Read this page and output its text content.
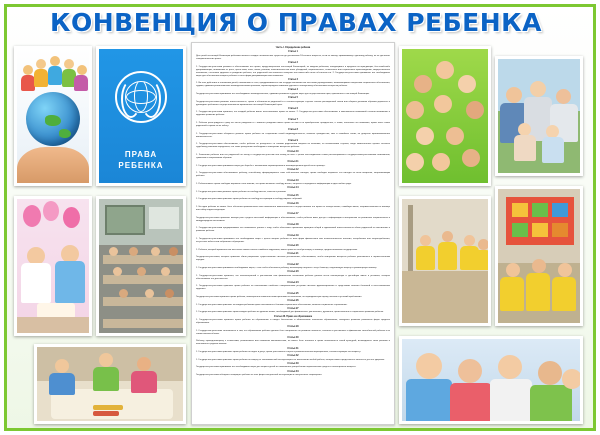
КОНВЕНЦИЯ О ПРАВАХ РЕБЕНКА
ПРАВА
РЕБЕНКА
Часть I. Определение ребенка
Статья 1
Для целей настоящей Конвенции ребенком является каждое человеческое существо до достижения 18-летнего возраста, если по закону, применимому к данному ребенку, он не достигает совершеннолетия ранее.
Статья 2
1. Государства-участники уважают и обеспечивают все права, предусмотренные настоящей Конвенцией, за каждым ребенком, находящимся в пределах их юрисдикции, без какой-либо дискриминации, независимо от расы, цвета кожи, пола, языка, религии, политических или иных убеждений, национального, этнического или социального происхождения, имущественного положения, состояния здоровья и рождения ребенка, его родителей или законных опекунов или каких-либо иных обстоятельств. 2. Государства-участники принимают все необходимые меры для обеспечения защиты ребенка от всех форм дискриминации или наказания.
Статья 3
1. Во всех действиях в отношении детей, независимо от того, предпринимаются они государственными или частными учреждениями, занимающимися вопросами социального обеспечения, судами, административными или законодательными органами, первоочередное внимание уделяется наилучшему обеспечению интересов ребенка.
Статья 4
Государства-участники принимают все необходимые законодательные, административные и другие меры для осуществления прав, признанных в настоящей Конвенции.
Статья 5
Государства-участники уважают ответственность, права и обязанности родителей и в соответствующих случаях членов расширенной семьи или общины должным образом управлять и руководить ребенком в осуществлении им признанных настоящей Конвенцией прав.
Статья 6
1. Государства-участники признают, что каждый ребенок имеет неотъемлемое право на жизнь. 2. Государства-участники обеспечивают в максимально возможной степени выживание и здоровое развитие ребенка.
Статья 7
1. Ребенок регистрируется сразу же после рождения и с момента рождения имеет право на имя и на приобретение гражданства, а также, насколько это возможно, право знать своих родителей и право на их заботу.
Статья 8
1. Государства-участники обязуются уважать право ребенка на сохранение своей индивидуальности, включая гражданство, имя и семейные связи, не допуская противозаконного вмешательства.
Статья 9
1. Государства-участники обеспечивают, чтобы ребенок не разлучался со своими родителями вопреки их желанию, за исключением случаев, когда компетентные органы согласно судебному решению определяют, что такое разлучение необходимо в наилучших интересах ребенка.
Статья 10
1. Заявления ребенка или его родителей на въезд в государство-участник или выезд из него с целью воссоединения семьи рассматриваются государствами-участниками позитивным, гуманным и оперативным образом.
Статья 11
1. Государства-участники принимают меры для борьбы с незаконным перемещением и невозвращением детей из-за границы.
Статья 12
1. Государства-участники обеспечивают ребенку, способному сформулировать свои собственные взгляды, право свободно выражать эти взгляды по всем вопросам, затрагивающим ребенка.
Статья 13
1. Ребенок имеет право свободно выражать свое мнение; это право включает свободу искать, получать и передавать информацию и идеи любого рода.
Статья 14
1. Государства-участники уважают право ребенка на свободу мысли, совести и религии.
Статья 15
1. Государства-участники признают право ребенка на свободу ассоциации и свободу мирных собраний.
Статья 16
1. Ни один ребенок не может быть объектом произвольного или незаконного вмешательства в осуществление его права на личную жизнь, семейную жизнь, неприкосновенность жилища или тайну корреспонденции.
Статья 17
Государства-участники признают важную роль средств массовой информации и обеспечивают, чтобы ребенок имел доступ к информации и материалам из различных национальных и международных источников.
Статья 18
1. Государства-участники предпринимают все возможные усилия к тому, чтобы обеспечить признание принципа общей и одинаковой ответственности обоих родителей за воспитание и развитие ребенка.
Статья 19
1. Государства-участники принимают все необходимые меры с целью защиты ребенка от всех форм физического или психологического насилия, оскорбления или злоупотребления, отсутствия заботы или небрежного обращения.
Статья 20
1. Ребенок, который временно или постоянно лишен своего семейного окружения, имеет право на особую защиту и помощь, предоставляемые государством.
Статья 21
Государства-участники, которые признают и/или разрешают существование системы усыновления, обеспечивают, чтобы наилучшие интересы ребенка учитывались в первостепенном порядке.
Статья 22
1. Государства-участники принимают необходимые меры, с тем чтобы обеспечить ребенку, желающему получить статус беженца, надлежащую защиту и гуманитарную помощь.
Статья 23
1. Государства-участники признают, что неполноценный в умственном или физическом отношении ребенок должен вести полноценную и достойную жизнь в условиях, которые обеспечивают его достоинство.
Статья 24
1. Государства-участники признают право ребенка на пользование наиболее совершенными услугами системы здравоохранения и средствами лечения болезней и восстановления здоровья.
Статья 25
Государства-участники признают право ребенка, помещенного компетентными органами на попечение, на периодическую оценку лечения и условий пребывания.
Статья 26
1. Государства-участники признают за каждым ребенком право пользоваться благами социального обеспечения, включая социальное страхование.
Статья 27
1. Государства-участники признают право каждого ребенка на уровень жизни, необходимый для физического, умственного, духовного, нравственного и социального развития ребенка.
Статья 28. Право на образование
1. Государства-участники признают право ребенка на образование и вводят бесплатное и обязательное начальное образование, поощряют развитие различных форм среднего образования.
Статья 29
1. Государства-участники соглашаются в том, что образование ребенка должно быть направлено на развитие личности, талантов и умственных и физических способностей ребенка в их самом полном объеме.
Статья 30
Ребенку, принадлежащему к этническим, религиозным или языковым меньшинствам, не может быть отказано в праве пользоваться своей культурой, исповедовать свою религию и пользоваться родным языком.
Статья 31
1. Государства-участники признают право ребенка на отдых и досуг, право участвовать в играх и развлекательных мероприятиях, соответствующих его возрасту.
Статья 32
1. Государства-участники признают право ребенка на защиту от экономической эксплуатации и от выполнения любой работы, которая может представлять опасность для его здоровья.
Статья 33
Государства-участники принимают все необходимые меры для защиты детей от незаконного употребления наркотических средств и психотропных веществ.
Статья 34
Государства-участники обязуются защищать ребенка от всех форм сексуальной эксплуатации и сексуального совращения.
